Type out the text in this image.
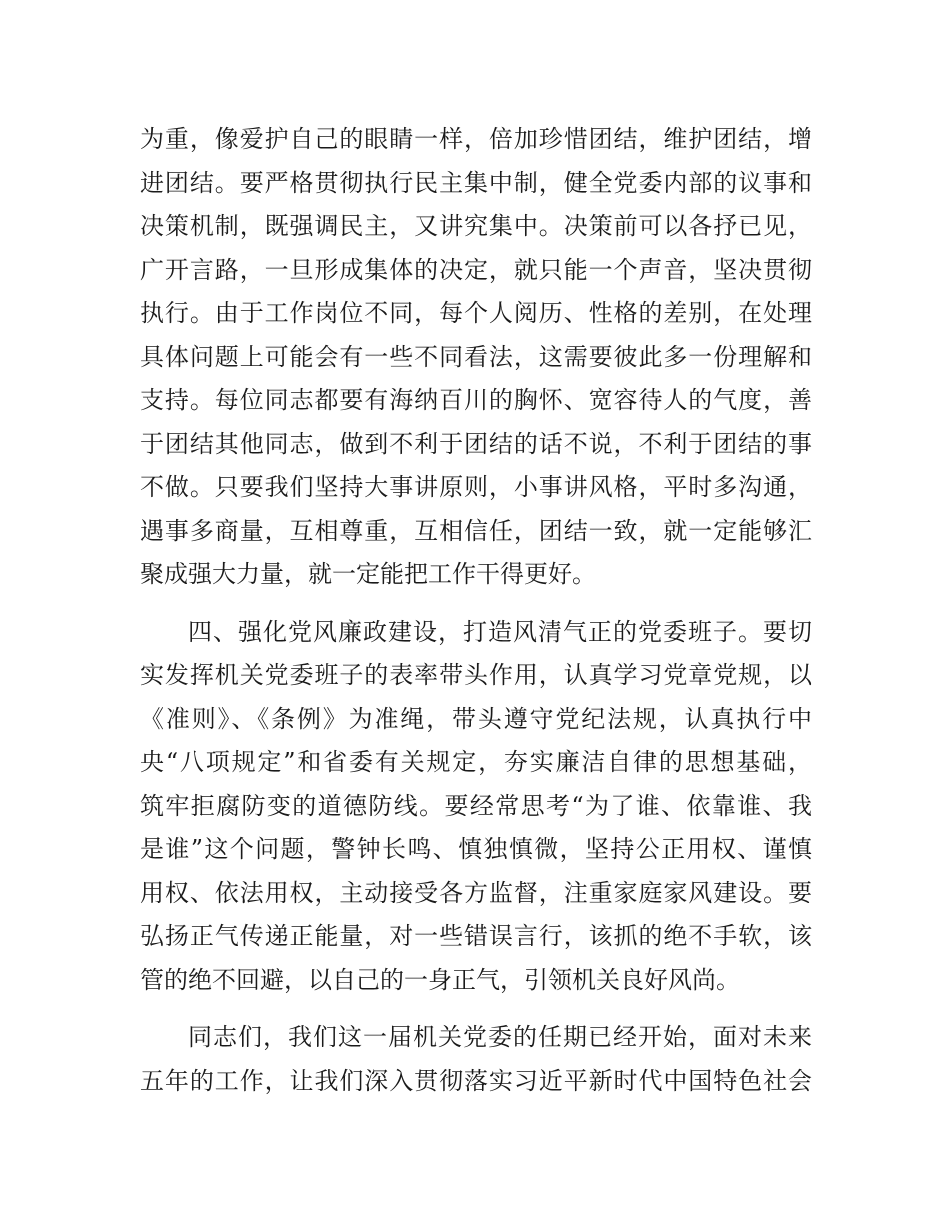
为重，像爱护自己的眼睛一样，倍加珍惜团结，维护团结，增
进团结。要严格贯彻执行民主集中制，健全党委内部的议事和
决策机制，既强调民主，又讲究集中。决策前可以各抒已见，
广开言路，一旦形成集体的决定，就只能一个声音，坚决贯彻
执行。由于工作岗位不同，每个人阅历、性格的差别，在处理
具体问题上可能会有一些不同看法，这需要彼此多一份理解和
支持。每位同志都要有海纳百川的胸怀、宽容待人的气度，善
于团结其他同志，做到不利于团结的话不说，不利于团结的事
不做。只要我们坚持大事讲原则，小事讲风格，平时多沟通，
遇事多商量，互相尊重，互相信任，团结一致，就一定能够汇
聚成强大力量，就一定能把工作干得更好。
四、强化党风廉政建设，打造风清气正的党委班子。要切
实发挥机关党委班子的表率带头作用，认真学习党章党规，以
《准则》、《条例》为准绳，带头遵守党纪法规，认真执行中
央“八项规定”和省委有关规定，夯实廉洁自律的思想基础，
筑牢拒腐防变的道德防线。要经常思考“为了谁、依靠谁、我
是谁”这个问题，警钟长鸣、慎独慎微，坚持公正用权、谨慎
用权、依法用权，主动接受各方监督，注重家庭家风建设。要
弘扬正气传递正能量，对一些错误言行，该抓的绝不手软，该
管的绝不回避，以自己的一身正气，引领机关良好风尚。
同志们，我们这一届机关党委的任期已经开始，面对未来
五年的工作，让我们深入贯彻落实习近平新时代中国特色社会
